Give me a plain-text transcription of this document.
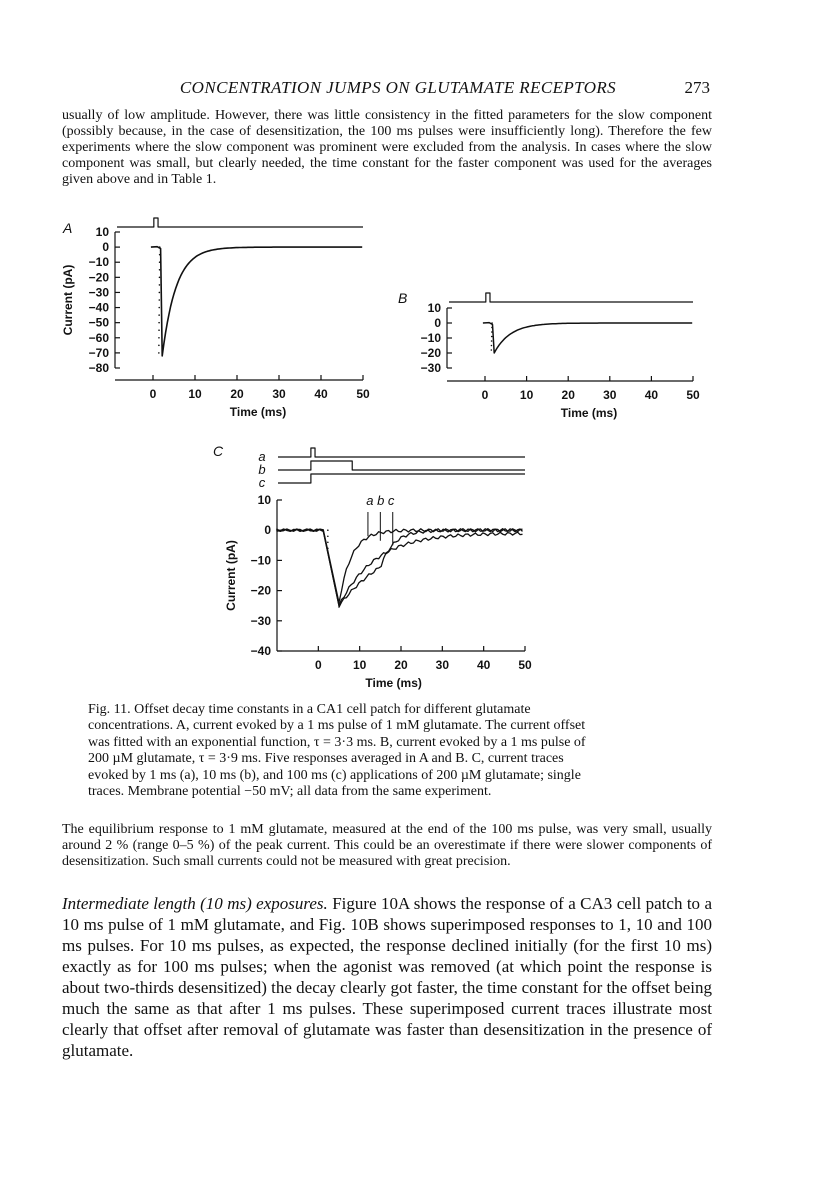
CONCENTRATION JUMPS ON GLUTAMATE RECEPTORS	273

usually of low amplitude. However, there was little consistency in the fitted parameters for the slow component (possibly because, in the case of desensitization, the 100 ms pulses were insufficiently long). Therefore the few experiments where the slow component was prominent were excluded from the analysis. In cases where the slow component was small, but clearly needed, the time constant for the faster component was used for the averages given above and in Table 1.

A 10
0
−10
−20
−30
−40
−50
−60
−70
−80
0	10 20 30 40 50
Time (ms)
Current (pA)	B
10
0
−10
−20
−30
0	10 20 30 40 50
Time (ms)
C
10
0
−10
−20
−30
−40
0	10 20 30 40 50
Time (ms)
Current (pA)
a
b
c
a b c

Fig. 11. Offset decay time constants in a CA1 cell patch for different glutamate

concentrations. A, current evoked by a 1 ms pulse of 1 mM glutamate. The current offset

was fitted with an exponential function, τ = 3·3 ms. B, current evoked by a 1 ms pulse of

200 µM glutamate, τ = 3·9 ms. Five responses averaged in A and B. C, current traces

evoked by 1 ms (a), 10 ms (b), and 100 ms (c) applications of 200 µM glutamate; single

traces. Membrane potential −50 mV; all data from the same experiment.

The equilibrium response to 1 mM glutamate, measured at the end of the 100 ms pulse, was very small, usually around 2 % (range 0–5 %) of the peak current. This could be an overestimate if there were slower components of desensitization. Such small currents could not be measured with great precision.

Intermediate length (10 ms) exposures. Figure 10A shows the response of a CA3 cell patch to a 10 ms pulse of 1 mM glutamate, and Fig. 10B shows superimposed responses to 1, 10 and 100 ms pulses. For 10 ms pulses, as expected, the response declined initially (for the first 10 ms) exactly as for 100 ms pulses; when the agonist was removed (at which point the response is about two-thirds desensitized) the decay clearly got faster, the time constant for the offset being much the same as that after 1 ms pulses. These superimposed current traces illustrate most clearly that offset after removal of glutamate was faster than desensitization in the presence of glutamate.
